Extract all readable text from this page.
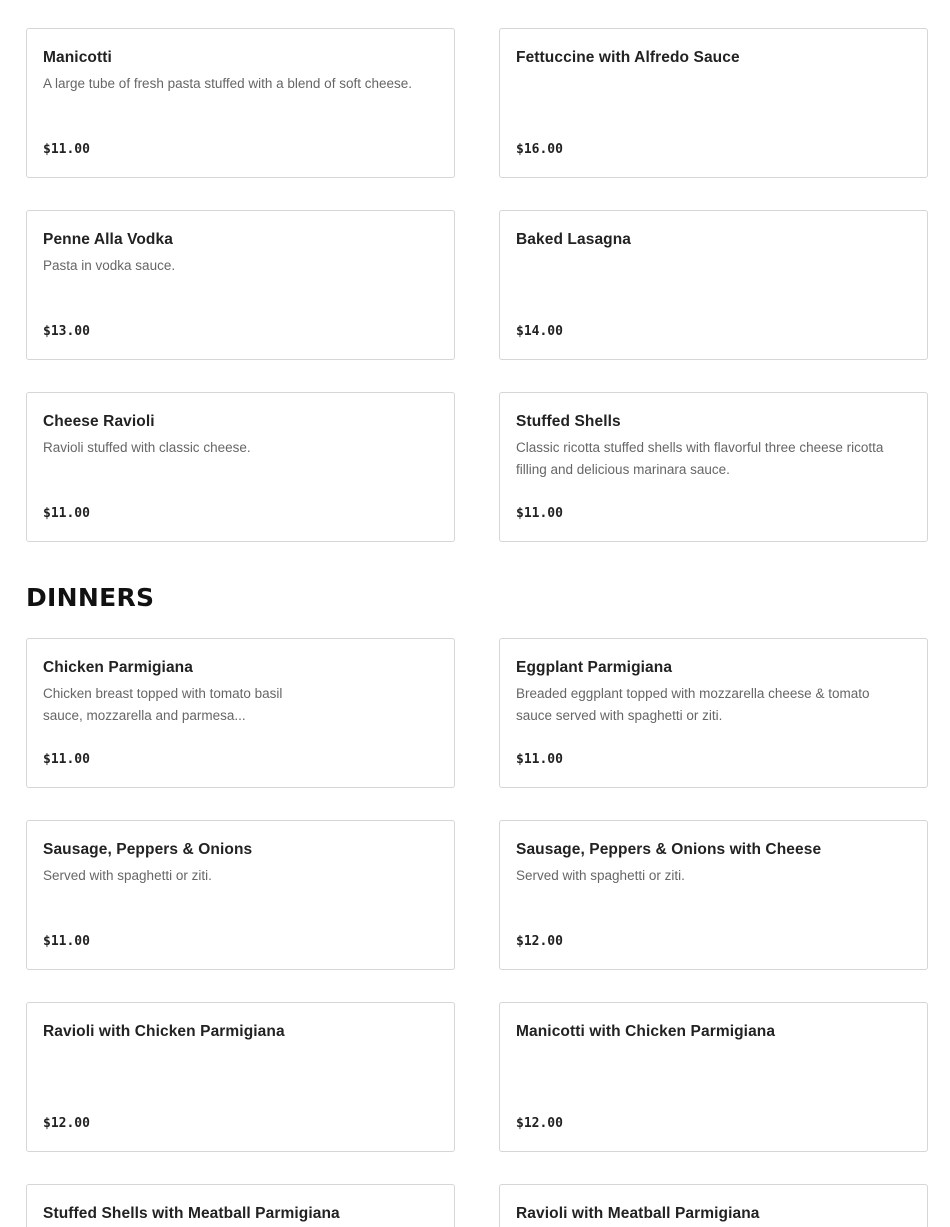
Manicotti
A large tube of fresh pasta stuffed with a blend of soft cheese.
$11.00
Fettuccine with Alfredo Sauce
$16.00
Penne Alla Vodka
Pasta in vodka sauce.
$13.00
Baked Lasagna
$14.00
Cheese Ravioli
Ravioli stuffed with classic cheese.
$11.00
Stuffed Shells
Classic ricotta stuffed shells with flavorful three cheese ricotta filling and delicious marinara sauce.
$11.00
DINNERS
Chicken Parmigiana
Chicken breast topped with tomato basil sauce, mozzarella and parmesa...
$11.00
Eggplant Parmigiana
Breaded eggplant topped with mozzarella cheese & tomato sauce served with spaghetti or ziti.
$11.00
Sausage, Peppers & Onions
Served with spaghetti or ziti.
$11.00
Sausage, Peppers & Onions with Cheese
Served with spaghetti or ziti.
$12.00
Ravioli with Chicken Parmigiana
$12.00
Manicotti with Chicken Parmigiana
$12.00
Stuffed Shells with Meatball Parmigiana	Ravioli with Meatball Parmigiana
